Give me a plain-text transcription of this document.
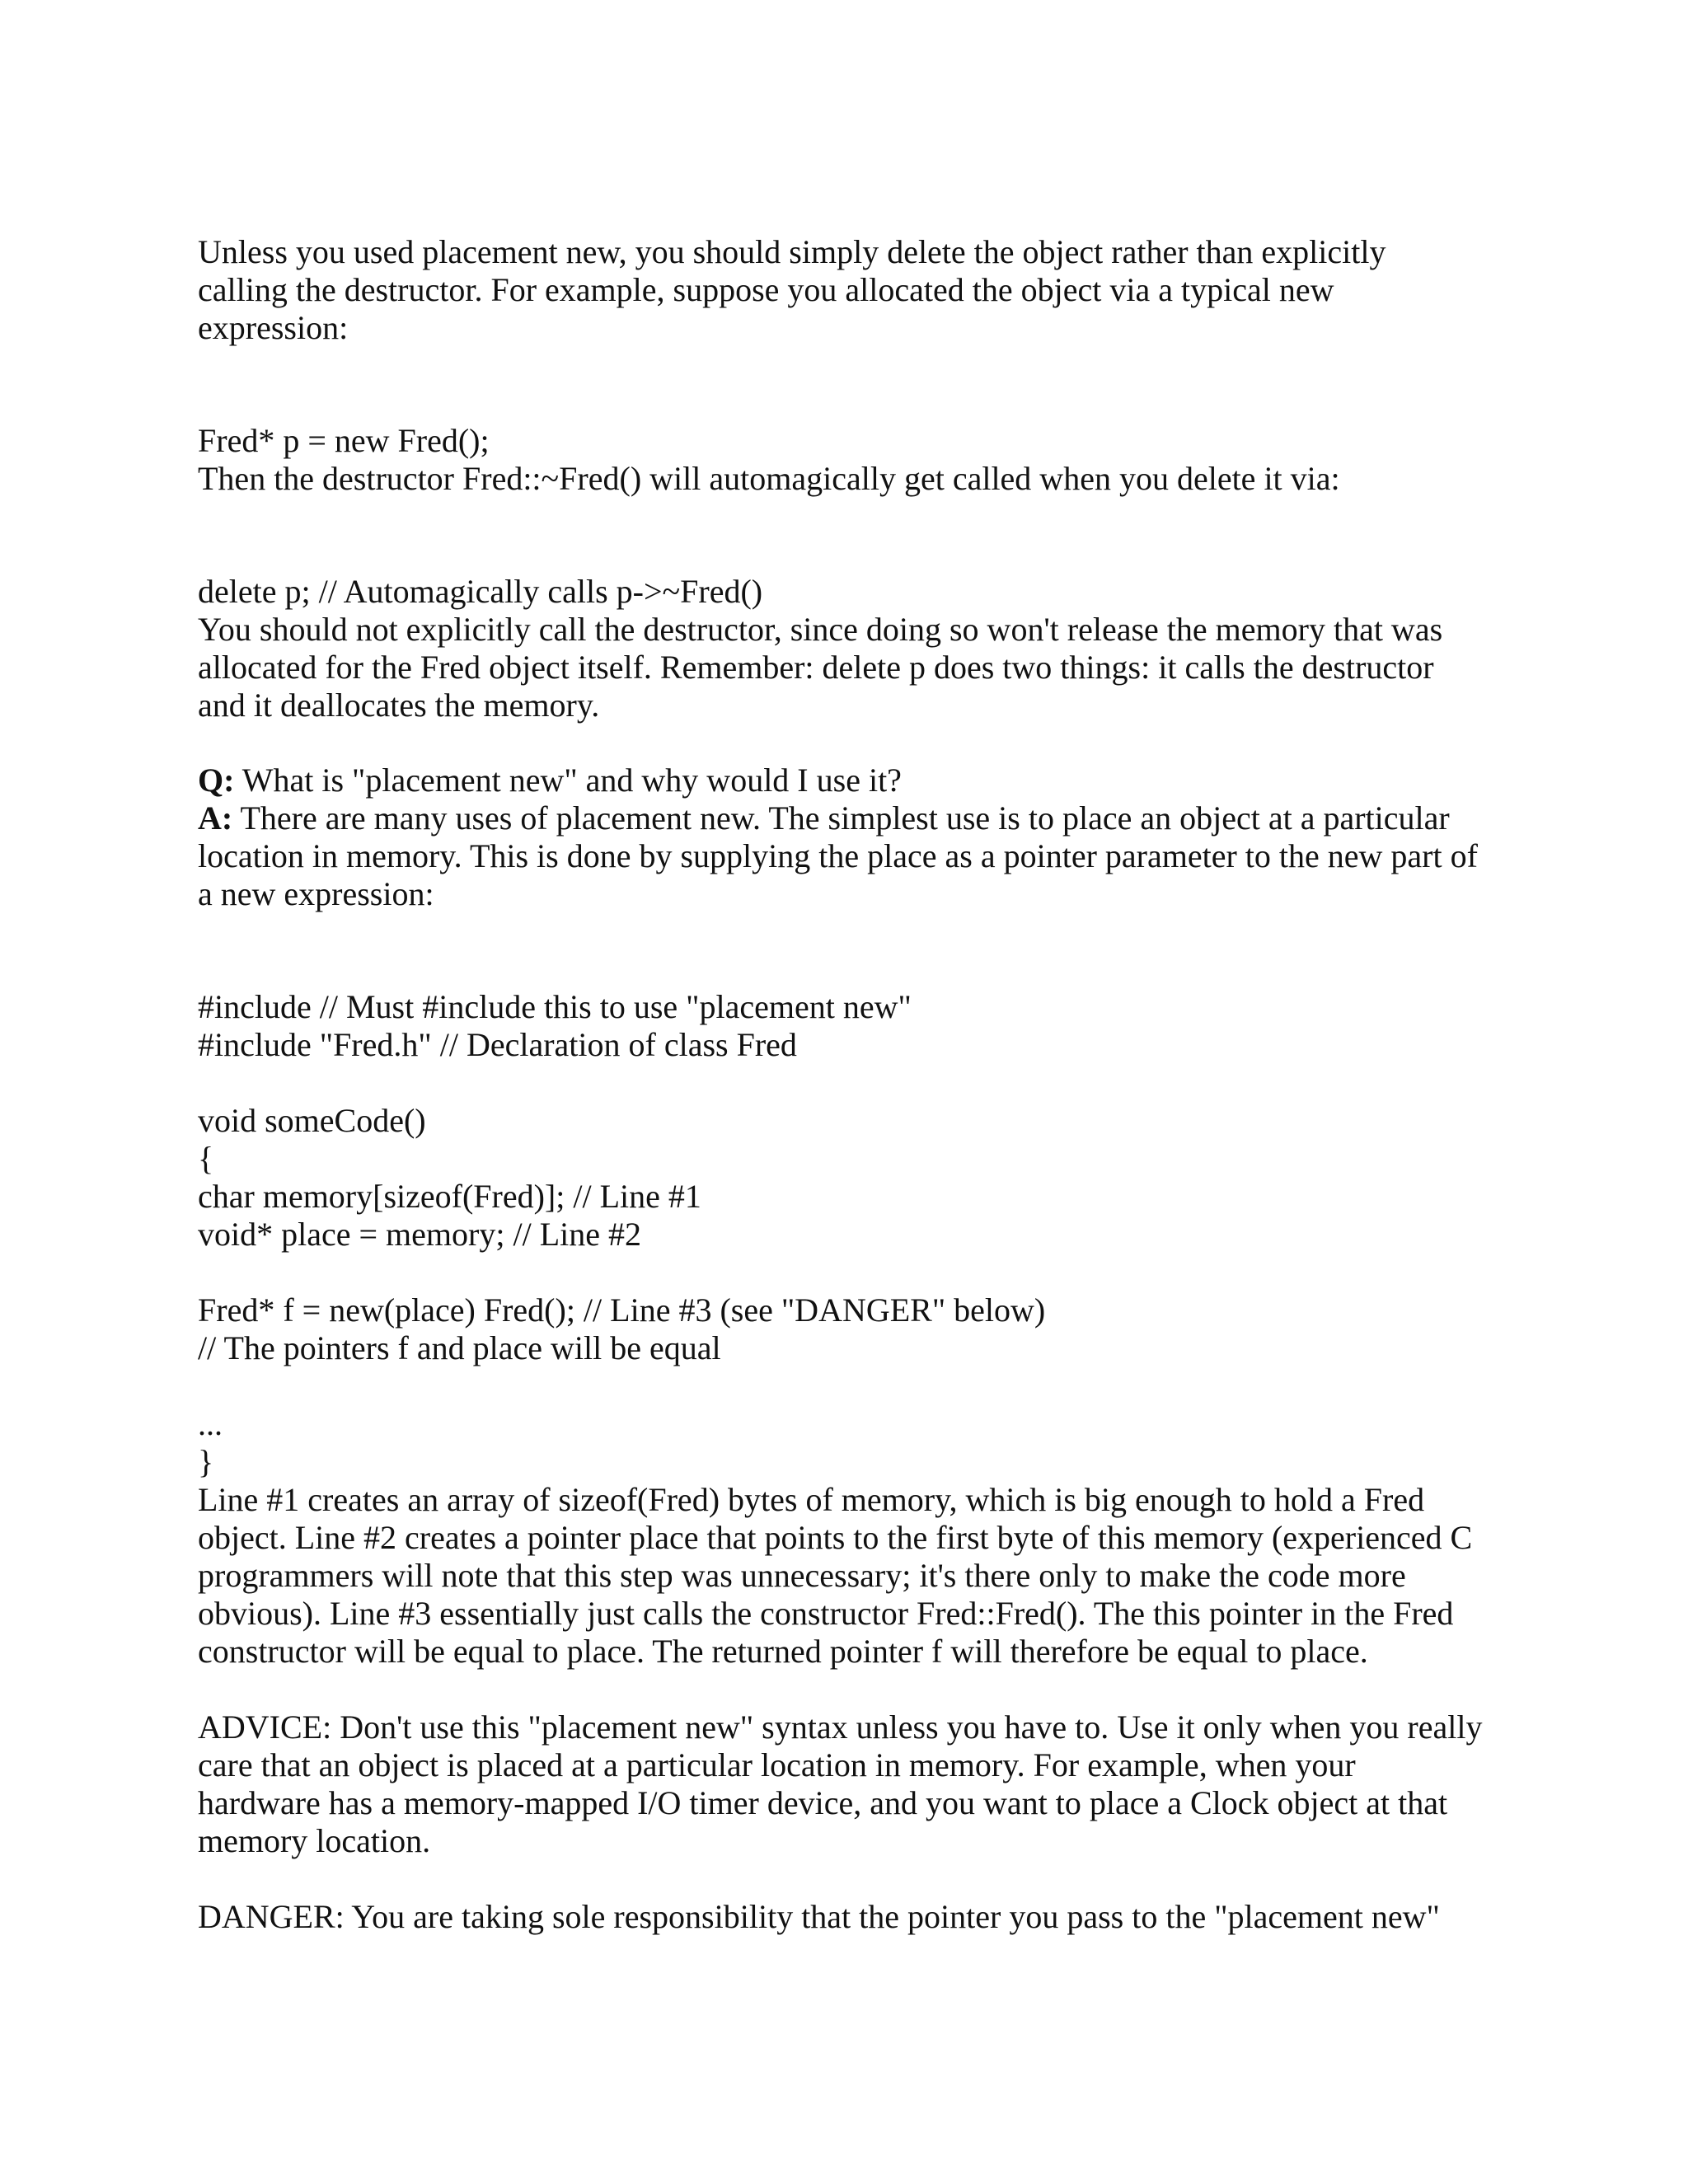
Unless you used placement new, you should simply delete the object rather than explicitly
calling the destructor. For example, suppose you allocated the object via a typical new
expression:
Fred* p = new Fred();
Then the destructor Fred::~Fred() will automagically get called when you delete it via:
delete p; // Automagically calls p->~Fred()
You should not explicitly call the destructor, since doing so won't release the memory that was
allocated for the Fred object itself. Remember: delete p does two things: it calls the destructor
and it deallocates the memory.
Q: What is "placement new" and why would I use it?
A: There are many uses of placement new. The simplest use is to place an object at a particular
location in memory. This is done by supplying the place as a pointer parameter to the new part of
a new expression:
#include // Must #include this to use "placement new"
#include "Fred.h" // Declaration of class Fred
void someCode()
{
char memory[sizeof(Fred)]; // Line #1
void* place = memory; // Line #2
Fred* f = new(place) Fred(); // Line #3 (see "DANGER" below)
// The pointers f and place will be equal
...
}
Line #1 creates an array of sizeof(Fred) bytes of memory, which is big enough to hold a Fred
object. Line #2 creates a pointer place that points to the first byte of this memory (experienced C
programmers will note that this step was unnecessary; it's there only to make the code more
obvious). Line #3 essentially just calls the constructor Fred::Fred(). The this pointer in the Fred
constructor will be equal to place. The returned pointer f will therefore be equal to place.
ADVICE: Don't use this "placement new" syntax unless you have to. Use it only when you really
care that an object is placed at a particular location in memory. For example, when your
hardware has a memory-mapped I/O timer device, and you want to place a Clock object at that
memory location.
DANGER: You are taking sole responsibility that the pointer you pass to the "placement new"
